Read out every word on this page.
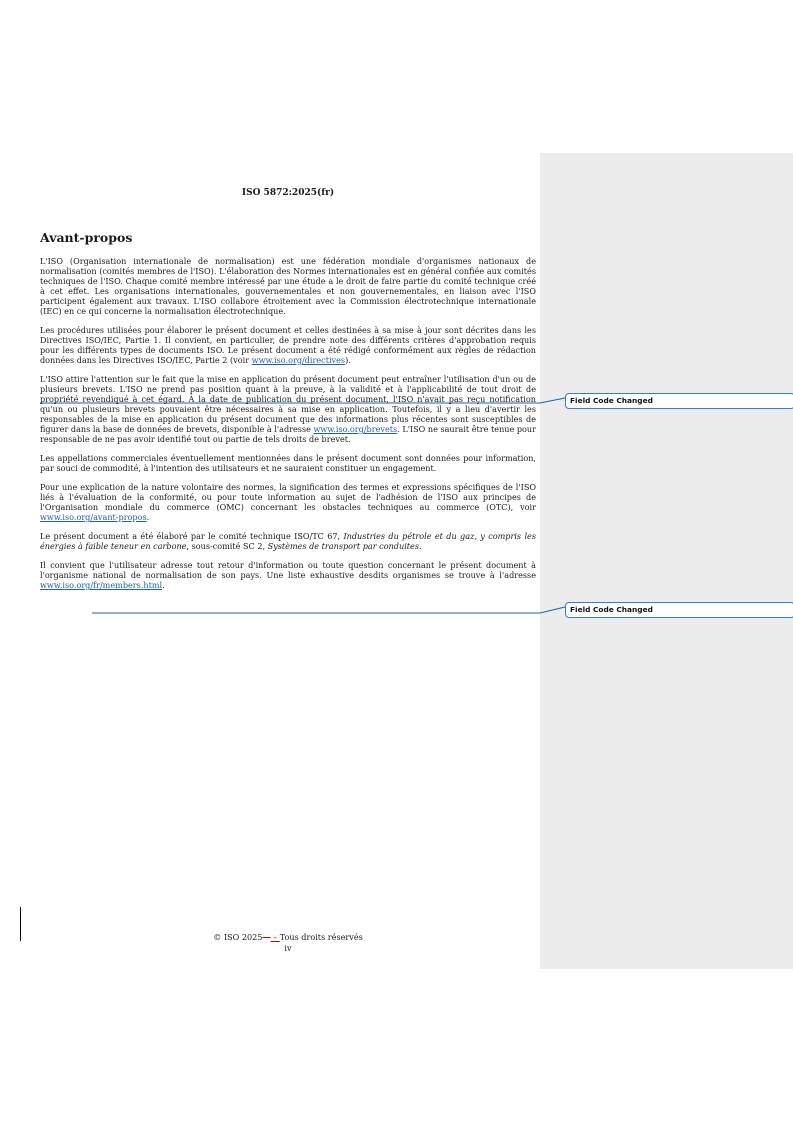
ISO 5872:2025(fr)
Avant-propos

L'ISO (Organisation internationale de normalisation) est une fédération mondiale d'organismes nationaux de normalisation (comités membres de l'ISO). L'élaboration des Normes internationales est en général confiée aux comités techniques de l'ISO. Chaque comité membre intéressé par une étude a le droit de faire partie du comité technique créé à cet effet. Les organisations internationales, gouvernementales et non gouvernementales, en liaison avec l'ISO participent également aux travaux. L'ISO collabore étroitement avec la Commission électrotechnique internationale (IEC) en ce qui concerne la normalisation électrotechnique.

Les procédures utilisées pour élaborer le présent document et celles destinées à sa mise à jour sont décrites dans les Directives ISO/IEC, Partie 1. Il convient, en particulier, de prendre note des différents critères d'approbation requis pour les différents types de documents ISO. Le présent document a été rédigé conformément aux règles de rédaction données dans les Directives ISO/IEC, Partie 2 (voir www.iso.org/directives).

L'ISO attire l'attention sur le fait que la mise en application du présent document peut entraîner l'utilisation d'un ou de plusieurs brevets. L'ISO ne prend pas position quant à la preuve, à la validité et à l'applicabilité de tout droit de propriété revendiqué à cet égard. À la date de publication du présent document, l'ISO n'avait pas reçu notification qu'un ou plusieurs brevets pouvaient être nécessaires à sa mise en application. Toutefois, il y a lieu d'avertir les responsables de la mise en application du présent document que des informations plus récentes sont susceptibles de figurer dans la base de données de brevets, disponible à l'adresse www.iso.org/brevets. L'ISO ne saurait être tenue pour responsable de ne pas avoir identifié tout ou partie de tels droits de brevet.

Les appellations commerciales éventuellement mentionnées dans le présent document sont données pour information, par souci de commodité, à l'intention des utilisateurs et ne sauraient constituer un engagement.

Pour une explication de la nature volontaire des normes, la signification des termes et expressions spécifiques de l'ISO liés à l'évaluation de la conformité, ou pour toute information au sujet de l'adhésion de l'ISO aux principes de l'Organisation mondiale du commerce (OMC) concernant les obstacles techniques au commerce (OTC), voir www.iso.org/avant-propos.

Le présent document a été élaboré par le comité technique ISO/TC 67, Industries du pétrole et du gaz, y compris les énergies à faible teneur en carbone, sous-comité SC 2, Systèmes de transport par conduites.

Il convient que l'utilisateur adresse tout retour d'information ou toute question concernant le présent document à l'organisme national de normalisation de son pays. Une liste exhaustive desdits organismes se trouve à l'adresse www.iso.org/fr/members.html.

Field Code Changed
Field Code Changed
© ISO 2025— – Tous droits réservés
iv
